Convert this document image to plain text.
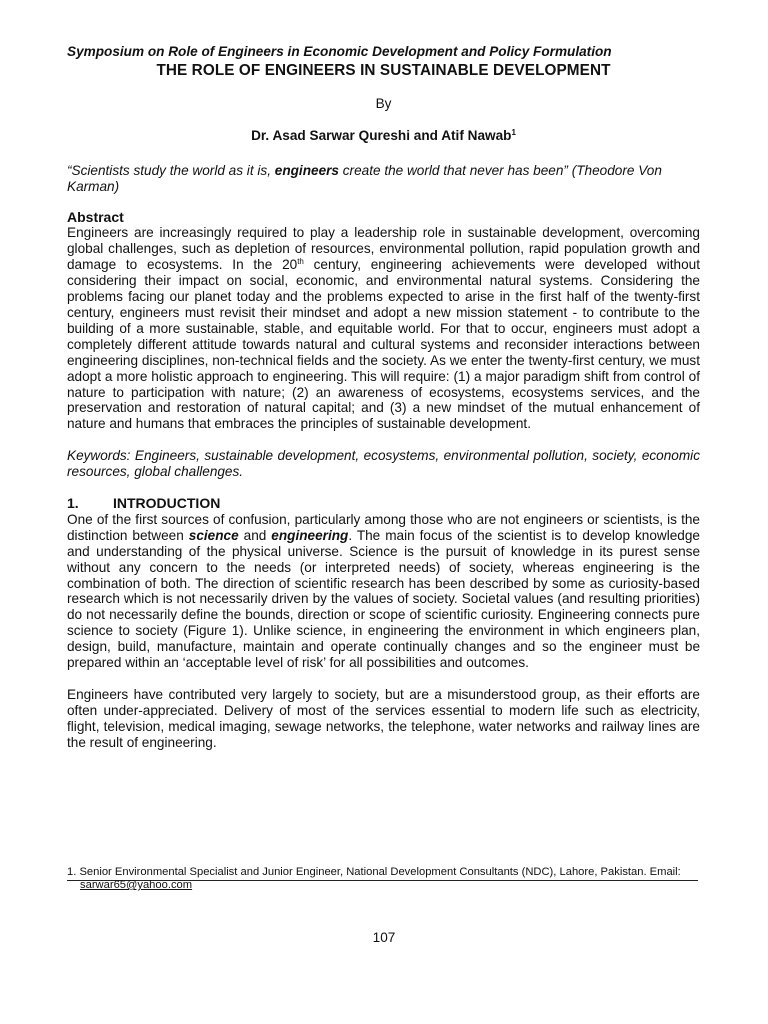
Symposium on Role of Engineers in Economic Development and Policy Formulation

THE ROLE OF ENGINEERS IN SUSTAINABLE DEVELOPMENT

By

Dr. Asad Sarwar Qureshi and Atif Nawab$^1$

“Scientists study the world as it is, engineers create the world that never has been” (Theodore Von Karman)

Abstract

Engineers are increasingly required to play a leadership role in sustainable development, overcoming global challenges, such as depletion of resources, environmental pollution, rapid population growth and damage to ecosystems. In the 20th century, engineering achievements were developed without considering their impact on social, economic, and environmental natural systems. Considering the problems facing our planet today and the problems expected to arise in the first half of the twenty-first century, engineers must revisit their mindset and adopt a new mission statement - to contribute to the building of a more sustainable, stable, and equitable world. For that to occur, engineers must adopt a completely different attitude towards natural and cultural systems and reconsider interactions between engineering disciplines, non-technical fields and the society. As we enter the twenty-first century, we must adopt a more holistic approach to engineering. This will require: (1) a major paradigm shift from control of nature to participation with nature; (2) an awareness of ecosystems, ecosystems services, and the preservation and restoration of natural capital; and (3) a new mindset of the mutual enhancement of nature and humans that embraces the principles of sustainable development.

Keywords: Engineers, sustainable development, ecosystems, environmental pollution, society, economic resources, global challenges.

1. INTRODUCTION

One of the first sources of confusion, particularly among those who are not engineers or scientists, is the distinction between science and engineering. The main focus of the scientist is to develop knowledge and understanding of the physical universe. Science is the pursuit of knowledge in its purest sense without any concern to the needs (or interpreted needs) of society, whereas engineering is the combination of both. The direction of scientific research has been described by some as curiosity-based research which is not necessarily driven by the values of society. Societal values (and resulting priorities) do not necessarily define the bounds, direction or scope of scientific curiosity. Engineering connects pure science to society (Figure 1). Unlike science, in engineering the environment in which engineers plan, design, build, manufacture, maintain and operate continually changes and so the engineer must be prepared within an ‘acceptable level of risk’ for all possibilities and outcomes.

Engineers have contributed very largely to society, but are a misunderstood group, as their efforts are often under-appreciated. Delivery of most of the services essential to modern life such as electricity, flight, television, medical imaging, sewage networks, the telephone, water networks and railway lines are the result of engineering.

1. Senior Environmental Specialist and Junior Engineer, National Development Consultants (NDC), Lahore, Pakistan. Email:
sarwar65@yahoo.com
107
